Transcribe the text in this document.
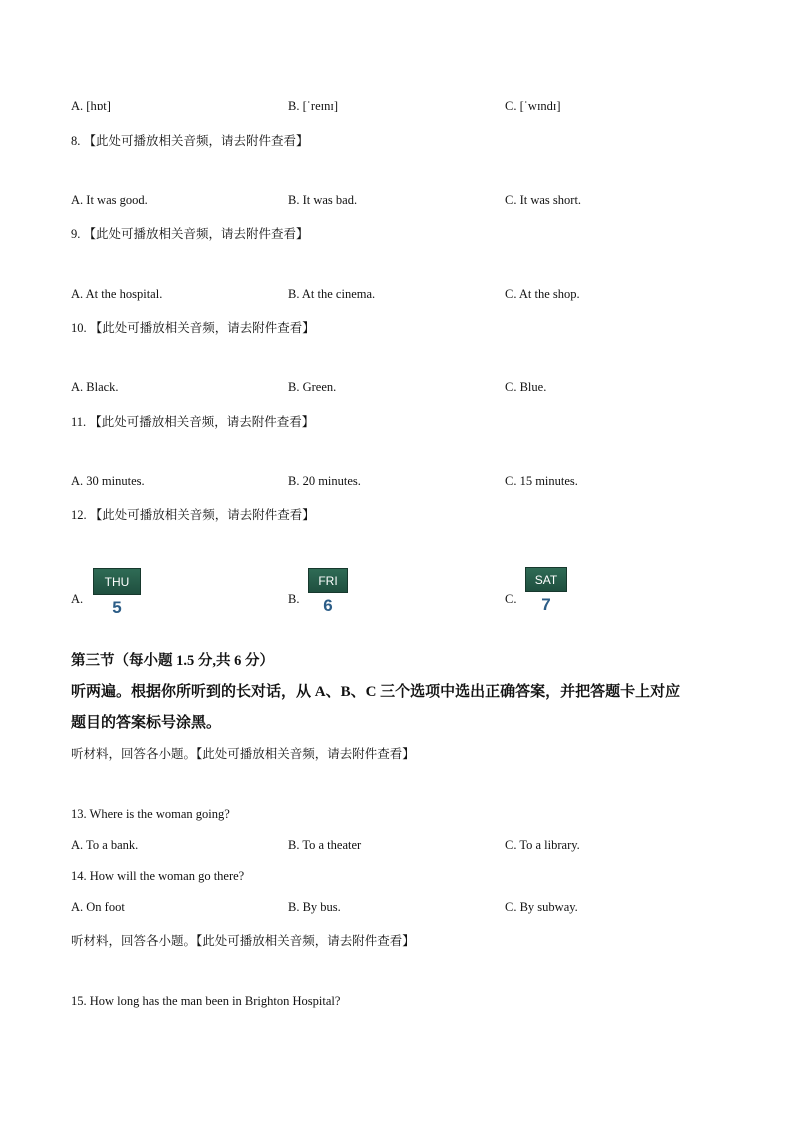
A. [hɒt]	B. [ˈreɪnɪ]	C. [ˈwɪndɪ]
8. 【此处可播放相关音频，请去附件查看】
A. It was good.	B. It was bad.	C. It was short.
9. 【此处可播放相关音频，请去附件查看】
A. At the hospital.	B. At the cinema.	C. At the shop.
10. 【此处可播放相关音频，请去附件查看】
A. Black.	B. Green.	C. Blue.
11. 【此处可播放相关音频，请去附件查看】
A. 30 minutes.	B. 20 minutes.	C. 15 minutes.
12. 【此处可播放相关音频，请去附件查看】
A.
THU
5	B.
FRI
6	C.
SAT
7
第三节（每小题 1.5 分,共 6 分）
听两遍。根据你所听到的长对话，从 A、B、C 三个选项中选出正确答案，并把答题卡上对应
题目的答案标号涂黑。
听材料，回答各小题。【此处可播放相关音频，请去附件查看】
13. Where is the woman going?
A. To a bank.	B. To a theater	C. To a library.
14. How will the woman go there?
A. On foot	B. By bus.	C. By subway.
听材料，回答各小题。【此处可播放相关音频，请去附件查看】
15. How long has the man been in Brighton Hospital?
